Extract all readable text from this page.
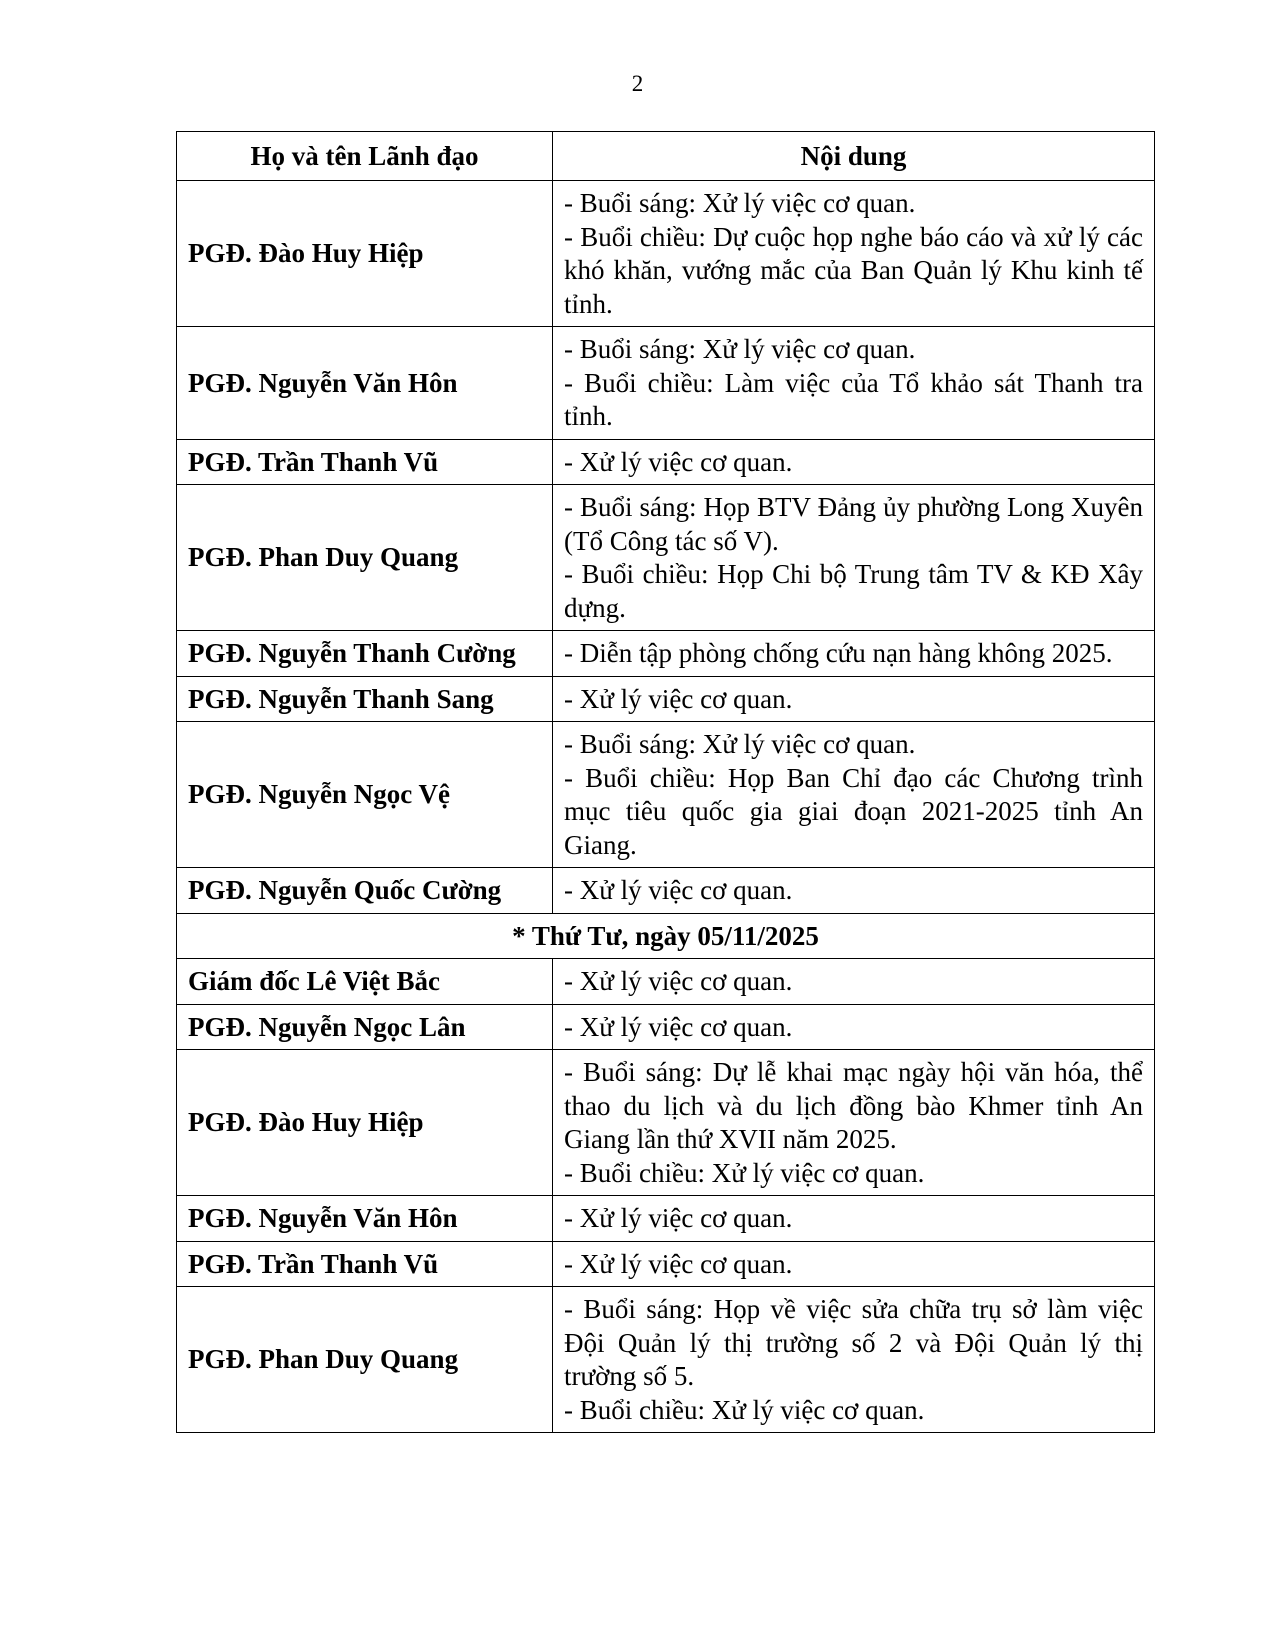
2
Họ và tên Lãnh đạo	Nội dung
PGĐ. Đào Huy Hiệp	- Buổi sáng: Xử lý việc cơ quan.
- Buổi chiều: Dự cuộc họp nghe báo cáo và xử lý các khó khăn, vướng mắc của Ban Quản lý Khu kinh tế tỉnh.

PGĐ. Nguyễn Văn Hôn	- Buổi sáng: Xử lý việc cơ quan.
- Buổi chiều: Làm việc của Tổ khảo sát Thanh tra tỉnh.

PGĐ. Trần Thanh Vũ	- Xử lý việc cơ quan.

PGĐ. Phan Duy Quang	- Buổi sáng: Họp BTV Đảng ủy phường Long Xuyên (Tổ Công tác số V).
- Buổi chiều: Họp Chi bộ Trung tâm TV & KĐ Xây dựng.

PGĐ. Nguyễn Thanh Cường	- Diễn tập phòng chống cứu nạn hàng không 2025.

PGĐ. Nguyễn Thanh Sang	- Xử lý việc cơ quan.

PGĐ. Nguyễn Ngọc Vệ	- Buổi sáng: Xử lý việc cơ quan.
- Buổi chiều: Họp Ban Chỉ đạo các Chương trình mục tiêu quốc gia giai đoạn 2021-2025 tỉnh An Giang.

PGĐ. Nguyễn Quốc Cường	- Xử lý việc cơ quan.

* Thứ Tư, ngày 05/11/2025	
Giám đốc Lê Việt Bắc	- Xử lý việc cơ quan.

PGĐ. Nguyễn Ngọc Lân	- Xử lý việc cơ quan.

PGĐ. Đào Huy Hiệp	- Buổi sáng: Dự lễ khai mạc ngày hội văn hóa, thể thao du lịch và du lịch đồng bào Khmer tỉnh An Giang lần thứ XVII năm 2025.
- Buổi chiều: Xử lý việc cơ quan.

PGĐ. Nguyễn Văn Hôn	- Xử lý việc cơ quan.

PGĐ. Trần Thanh Vũ	- Xử lý việc cơ quan.

PGĐ. Phan Duy Quang	- Buổi sáng: Họp về việc sửa chữa trụ sở làm việc Đội Quản lý thị trường số 2 và Đội Quản lý thị trường số 5.
- Buổi chiều: Xử lý việc cơ quan.
